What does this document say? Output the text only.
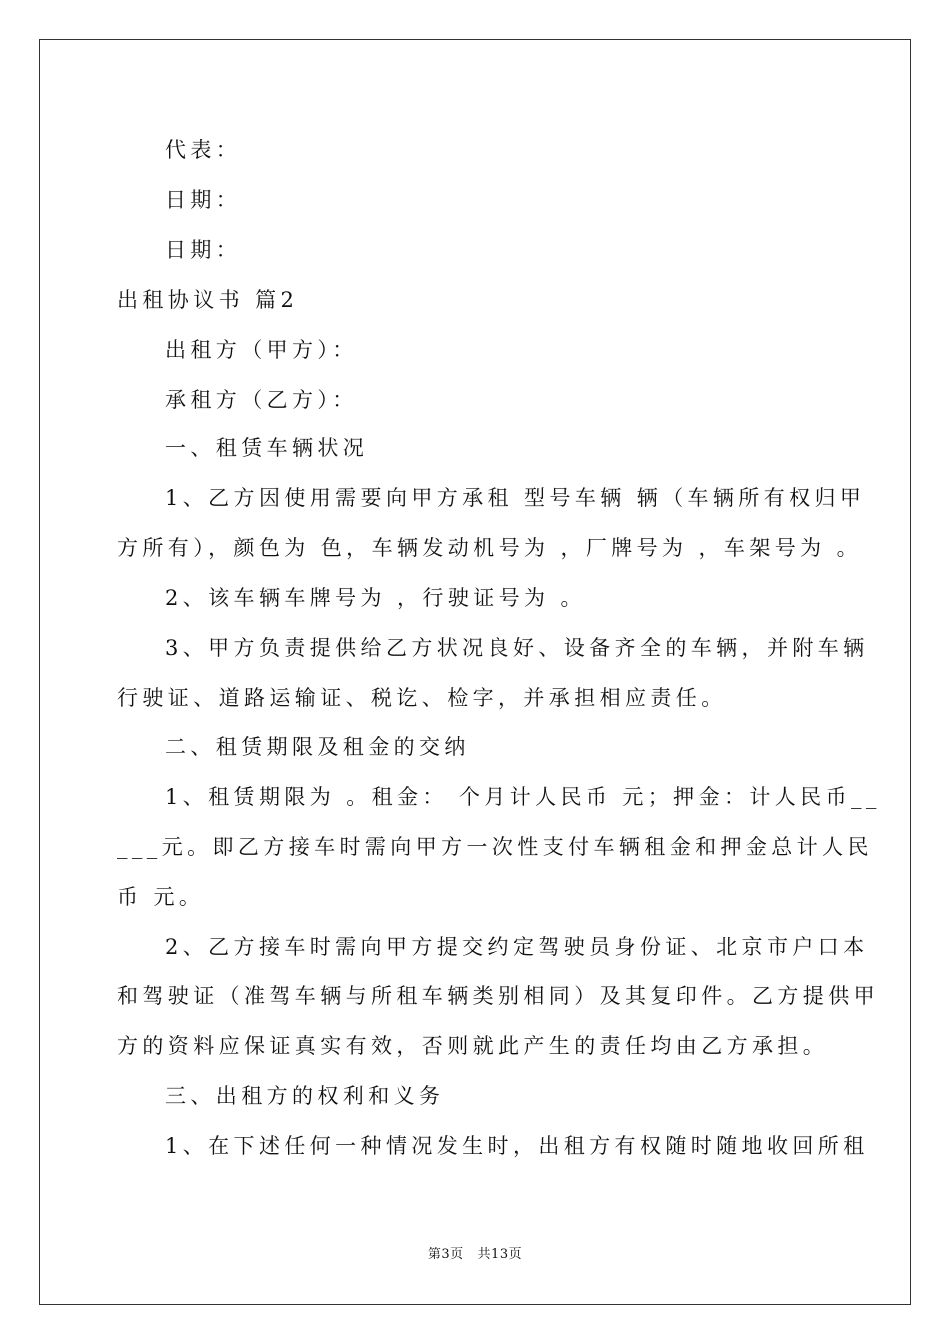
代表：
日期：
日期：
出租协议书 篇2
出租方（甲方）：
承租方（乙方）：
一、租赁车辆状况
1、乙方因使用需要向甲方承租 型号车辆 辆（车辆所有权归甲
方所有），颜色为 色，车辆发动机号为 ，厂牌号为 ，车架号为 。
2、该车辆车牌号为 ，行驶证号为 。
3、甲方负责提供给乙方状况良好、设备齐全的车辆，并附车辆
行驶证、道路运输证、税讫、检字，并承担相应责任。
二、租赁期限及租金的交纳
1、租赁期限为 。租金： 个月计人民币 元；押金：计人民币__
___元。即乙方接车时需向甲方一次性支付车辆租金和押金总计人民
币 元。
2、乙方接车时需向甲方提交约定驾驶员身份证、北京市户口本
和驾驶证（准驾车辆与所租车辆类别相同）及其复印件。乙方提供甲
方的资料应保证真实有效，否则就此产生的责任均由乙方承担。
三、出租方的权利和义务
1、在下述任何一种情况发生时，出租方有权随时随地收回所租
第3页   共13页
